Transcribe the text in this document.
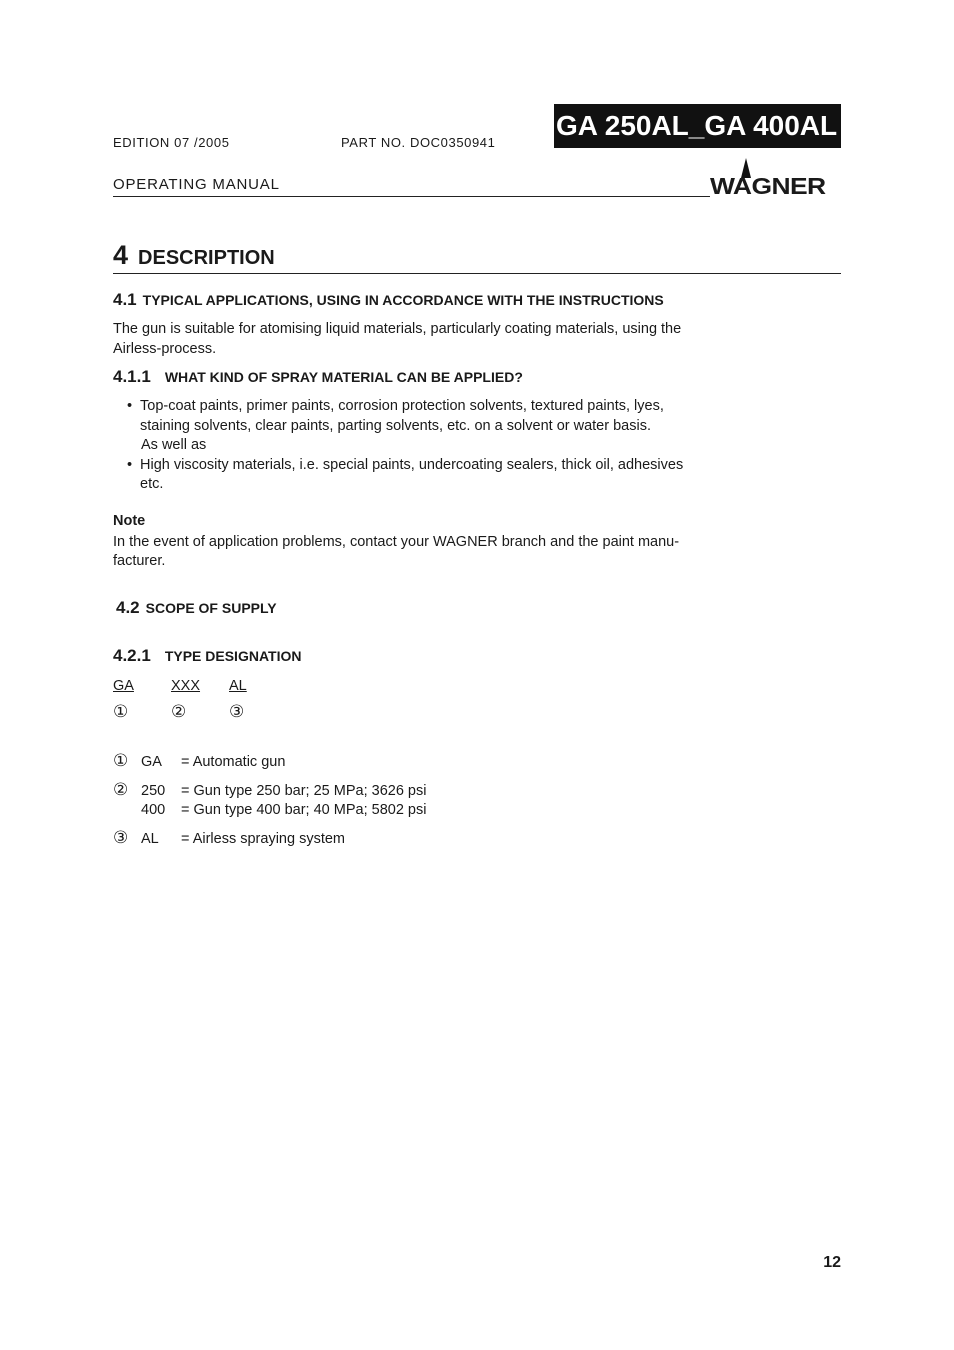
EDITION 07 /2005	PART NO. DOC0350941
GA 250AL_GA 400AL
OPERATING MANUAL	WAGNER
4 DESCRIPTION
4.1 TYPICAL APPLICATIONS, USING IN ACCORDANCE WITH THE INSTRUCTIONS
The gun is suitable for atomising liquid materials, particularly coating materials, using the
Airless-process.
4.1.1 WHAT KIND OF SPRAY MATERIAL CAN BE APPLIED?
• Top-coat paints, primer paints, corrosion protection solvents, textured paints, lyes,
staining solvents, clear paints, parting solvents, etc. on a solvent or water basis.
As well as
• High viscosity materials, i.e. special paints, undercoating sealers, thick oil, adhesives
etc.
Note
In the event of application problems, contact your WAGNER branch and the paint manu-
facturer.
4.2 SCOPE OF SUPPLY
4.2.1 TYPE DESIGNATION
GA	XXX AL
①	②	③
① GA = Automatic gun
② 250 = Gun type 250 bar; 25 MPa; 3626 psi
400 = Gun type 400 bar; 40 MPa; 5802 psi
③ AL = Airless spraying system
12
